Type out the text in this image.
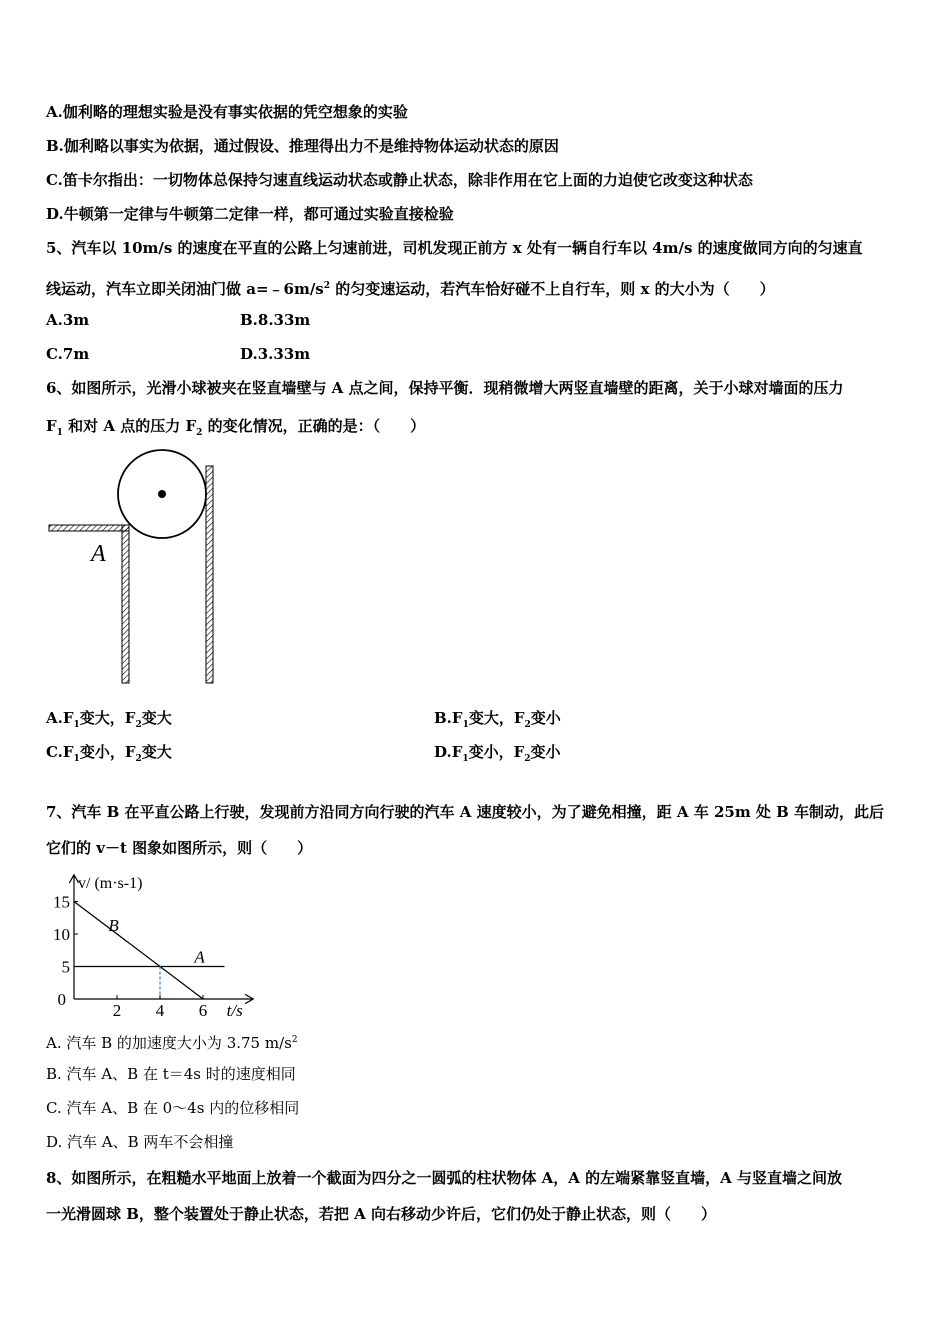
A.伽利略的理想实验是没有事实依据的凭空想象的实验
B.伽利略以事实为依据，通过假设、推理得出力不是维持物体运动状态的原因
C.笛卡尔指出：一切物体总保持匀速直线运动状态或静止状态，除非作用在它上面的力迫使它改变这种状态
D.牛顿第一定律与牛顿第二定律一样，都可通过实验直接检验
5、汽车以 10m/s 的速度在平直的公路上匀速前进，司机发现正前方 x 处有一辆自行车以 4m/s 的速度做同方向的匀速直
线运动，汽车立即关闭油门做 $a=﹣6m/s^2$ 的匀变速运动，若汽车恰好碰不上自行车，则 x 的大小为（　　）
A.3m	B.8.33m
C.7m	D.3.33m
6、如图所示，光滑小球被夹在竖直墙壁与 A 点之间，保持平衡．现稍微增大两竖直墙壁的距离，关于小球对墙面的压力
$F_1$ 和对 A 点的压力 $F_2$ 的变化情况，正确的是：（　　）
A
$A.F_1$变大，$F_2$变大	$B.F_1$变大，$F_2$变小
$C.F_1$变小，$F_2$变大	$D.F_1$变小，$F_2$变小
7、汽车 B 在平直公路上行驶，发现前方沿同方向行驶的汽车 A 速度较小，为了避免相撞，距 A 车 25m 处 B 车制动，此后
它们的 v－t 图象如图所示，则（　　）
B
A
5
10
15
2 4 6
0
t/s
v/ (m·s-1)
A. 汽车 B 的加速度大小为 3.75 $m/s^2$
B. 汽车 A、B 在 t＝4s 时的速度相同
C. 汽车 A、B 在 0～4s 内的位移相同
D. 汽车 A、B 两车不会相撞
8、如图所示，在粗糙水平地面上放着一个截面为四分之一圆弧的柱状物体 A，A 的左端紧靠竖直墙，A 与竖直墙之间放
一光滑圆球 B，整个装置处于静止状态，若把 A 向右移动少许后，它们仍处于静止状态，则（　　）
